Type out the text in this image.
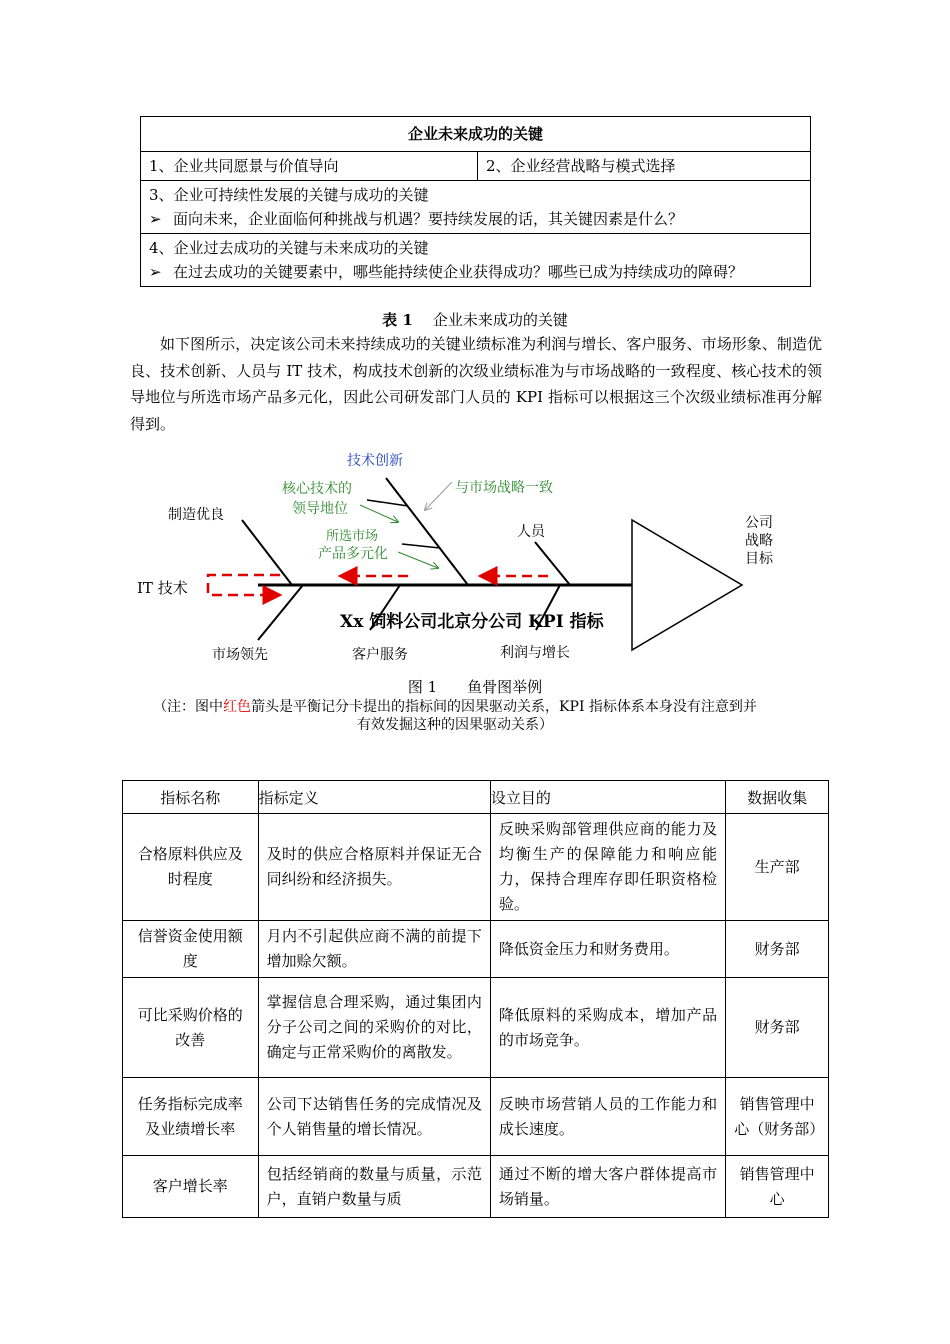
企业未来成功的关键
1、企业共同愿景与价值导向	2、企业经营战略与模式选择

3、企业可持续性发展的关键与成功的关键
➢ 面向未来，企业面临何种挑战与机遇？要持续发展的话，其关键因素是什么？

4、企业过去成功的关键与未来成功的关键
➢ 在过去成功的关键要素中，哪些能持续使企业获得成功？哪些已成为持续成功的障碍？
表 1 企业未来成功的关键

如下图所示，决定该公司未来持续成功的关键业绩标准为利润与增长、客户服务、市场形象、制造优良、技术创新、人员与 IT 技术，构成技术创新的次级业绩标准为与市场战略的一致程度、核心技术的领导地位与所选市场产品多元化，因此公司研发部门人员的 KPI 指标可以根据这三个次级业绩标准再分解得到。

技术创新
核心技术的
领导地位
与市场战略一致
所选市场
产品多元化
制造优良
人员
IT 技术
市场领先	客户服务	利润与增长
Xx 饲料公司北京分公司 KPI 指标
公司
战略
目标
图 1 鱼骨图举例
（注：图中红色箭头是平衡记分卡提出的指标间的因果驱动关系，KPI 指标体系本身没有注意到并有效发掘这种的因果驱动关系）
指标名称	指标定义	设立目的	数据收集
合格原料供应及时程度	及时的供应合格原料并保证无合同纠纷和经济损失。	反映采购部管理供应商的能力及均衡生产的保障能力和响应能力，保持合理库存即任职资格检验。	生产部
信誉资金使用额度	月内不引起供应商不满的前提下增加赊欠额。	降低资金压力和财务费用。	财务部
可比采购价格的改善	掌握信息合理采购，通过集团内分子公司之间的采购价的对比，确定与正常采购价的离散发。	降低原料的采购成本，增加产品的市场竞争。	财务部
任务指标完成率及业绩增长率	公司下达销售任务的完成情况及个人销售量的增长情况。	反映市场营销人员的工作能力和成长速度。	销售管理中心（财务部）
客户增长率	包括经销商的数量与质量，示范户，直销户数量与质	通过不断的增大客户群体提高市场销量。	销售管理中心
